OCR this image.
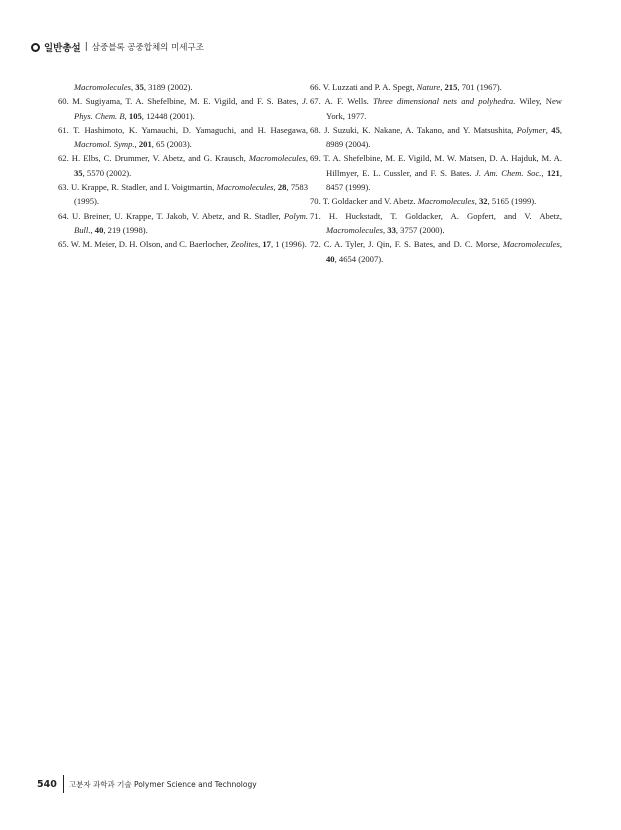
일반총설 | 삼중블록 공중합체의 미세구조
Macromolecules, 35, 3189 (2002).
60. M. Sugiyama, T. A. Shefelbine, M. E. Vigild, and F. S. Bates, J. Phys. Chem. B, 105, 12448 (2001).
61. T. Hashimoto, K. Yamauchi, D. Yamaguchi, and H. Hasegawa, Macromol. Symp., 201, 65 (2003).
62. H. Elbs, C. Drummer, V. Abetz, and G. Krausch, Macromolecules, 35, 5570 (2002).
63. U. Krappe, R. Stadler, and I. Voigtmartin, Macromolecules, 28, 7583 (1995).
64. U. Breiner, U. Krappe, T. Jakob, V. Abetz, and R. Stadler, Polym. Bull., 40, 219 (1998).
65. W. M. Meier, D. H. Olson, and C. Baerlocher, Zeolites, 17, 1 (1996).
66. V. Luzzati and P. A. Spegt, Nature, 215, 701 (1967).
67. A. F. Wells. Three dimensional nets and polyhedra. Wiley, New York, 1977.
68. J. Suzuki, K. Nakane, A. Takano, and Y. Matsushita, Polymer, 45, 8989 (2004).
69. T. A. Shefelbine, M. E. Vigild, M. W. Matsen, D. A. Hajduk, M. A. Hillmyer, E. L. Cussler, and F. S. Bates. J. Am. Chem. Soc., 121, 8457 (1999).
70. T. Goldacker and V. Abetz. Macromolecules, 32, 5165 (1999).
71. H. Huckstadt, T. Goldacker, A. Gopfert, and V. Abetz, Macromolecules, 33, 3757 (2000).
72. C. A. Tyler, J. Qin, F. S. Bates, and D. C. Morse, Macromolecules, 40, 4654 (2007).
540 고분자 과학과 기술 Polymer Science and Technology
